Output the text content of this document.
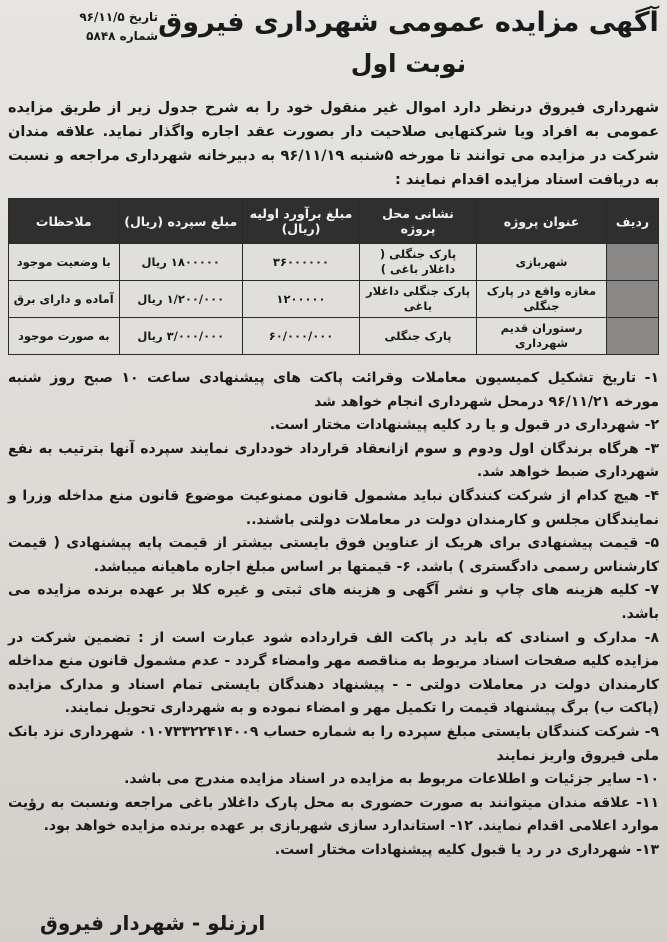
آگهی مزایده عمومی شهرداری فیروق
نوبت اول
تاریخ ۹۶/۱۱/۵
شماره ۵۸۴۸
شهرداری فیروق درنظر دارد اموال غیر منقول خود را به شرح جدول زیر از طریق مزایده عمومی به افراد ویا شرکتهایی صلاحیت دار بصورت عقد اجاره واگذار نماید. علاقه مندان شرکت در مزایده می توانند تا مورخه ۵شنبه ۹۶/۱۱/۱۹ به دبیرخانه شهرداری مراجعه و نسبت به دریافت اسناد مزایده اقدام نمایند :
ردیف	عنوان پروژه	نشانی محل پروژه	مبلغ برآورد اولیه (ریال)	مبلغ سپرده (ریال)	ملاحظات
	شهربازی	پارک جنگلی ( داغلار باغی )	۳۶۰۰۰۰۰۰	۱۸۰۰۰۰۰ ریال	با وضعیت موجود
	مغازه واقع در پارک جنگلی	پارک جنگلی داغلار باغی	۱۲۰۰۰۰۰	۱/۲۰۰/۰۰۰ ریال	آماده و دارای برق
	رستوران قدیم شهرداری	پارک جنگلی	۶۰/۰۰۰/۰۰۰	۳/۰۰۰/۰۰۰ ریال	به صورت موجود

۱- تاریخ تشکیل کمیسیون معاملات وقرائت پاکت های پیشنهادی ساعت ۱۰ صبح روز شنبه مورخه ۹۶/۱۱/۲۱ درمحل شهرداری انجام خواهد شد

۲- شهرداری در قبول و یا رد کلیه پیشنهادات مختار است.

۳- هرگاه برندگان اول ودوم و سوم ازانعقاد قرارداد خودداری نمایند سپرده آنها بترتیب به نفع شهرداری ضبط خواهد شد.

۴- هیچ کدام از شرکت کنندگان نباید مشمول قانون ممنوعیت موضوع قانون منع مداخله وزرا و نمایندگان مجلس و کارمندان دولت در معاملات دولتی باشند..

۵- قیمت پیشنهادی برای هریک از عناوین فوق بایستی بیشتر از قیمت پایه پیشنهادی ( قیمت کارشناس رسمی دادگستری ) باشد. ۶- قیمتها بر اساس مبلغ اجاره ماهیانه میباشد.

۷- کلیه هزینه های چاپ و نشر آگهی و هزینه های ثبتی و غیره کلا بر عهده برنده مزایده می باشد.

۸- مدارک و اسنادی که باید در پاکت الف قرارداده شود عبارت است از : تضمین شرکت در مزایده کلیه صفحات اسناد مربوط به مناقصه مهر وامضاء گردد - عدم مشمول قانون منع مداخله کارمندان دولت در معاملات دولتی - - پیشنهاد دهندگان بایستی تمام اسناد و مدارک مزایده (پاکت ب) برگ پیشنهاد قیمت را تکمیل مهر و امضاء نموده و به شهرداری تحویل نمایند.

۹- شرکت کنندگان بایستی مبلغ سپرده را به شماره حساب ۰۱۰۷۳۳۲۲۴۱۴۰۰۹ شهرداری نزد بانک ملی فیروق واریز نمایند

۱۰- سایر جزئیات و اطلاعات مربوط به مزایده در اسناد مزایده مندرج می باشد.

۱۱- علاقه مندان میتوانند به صورت حضوری به محل پارک داغلار باغی مراجعه ونسبت به رؤیت موارد اعلامی اقدام نمایند. ۱۲- استاندارد سازی شهربازی بر عهده برنده مزایده خواهد بود.

۱۳- شهرداری در رد یا قبول کلیه پیشنهادات مختار است.

ارزنلو - شهردار فیروق
